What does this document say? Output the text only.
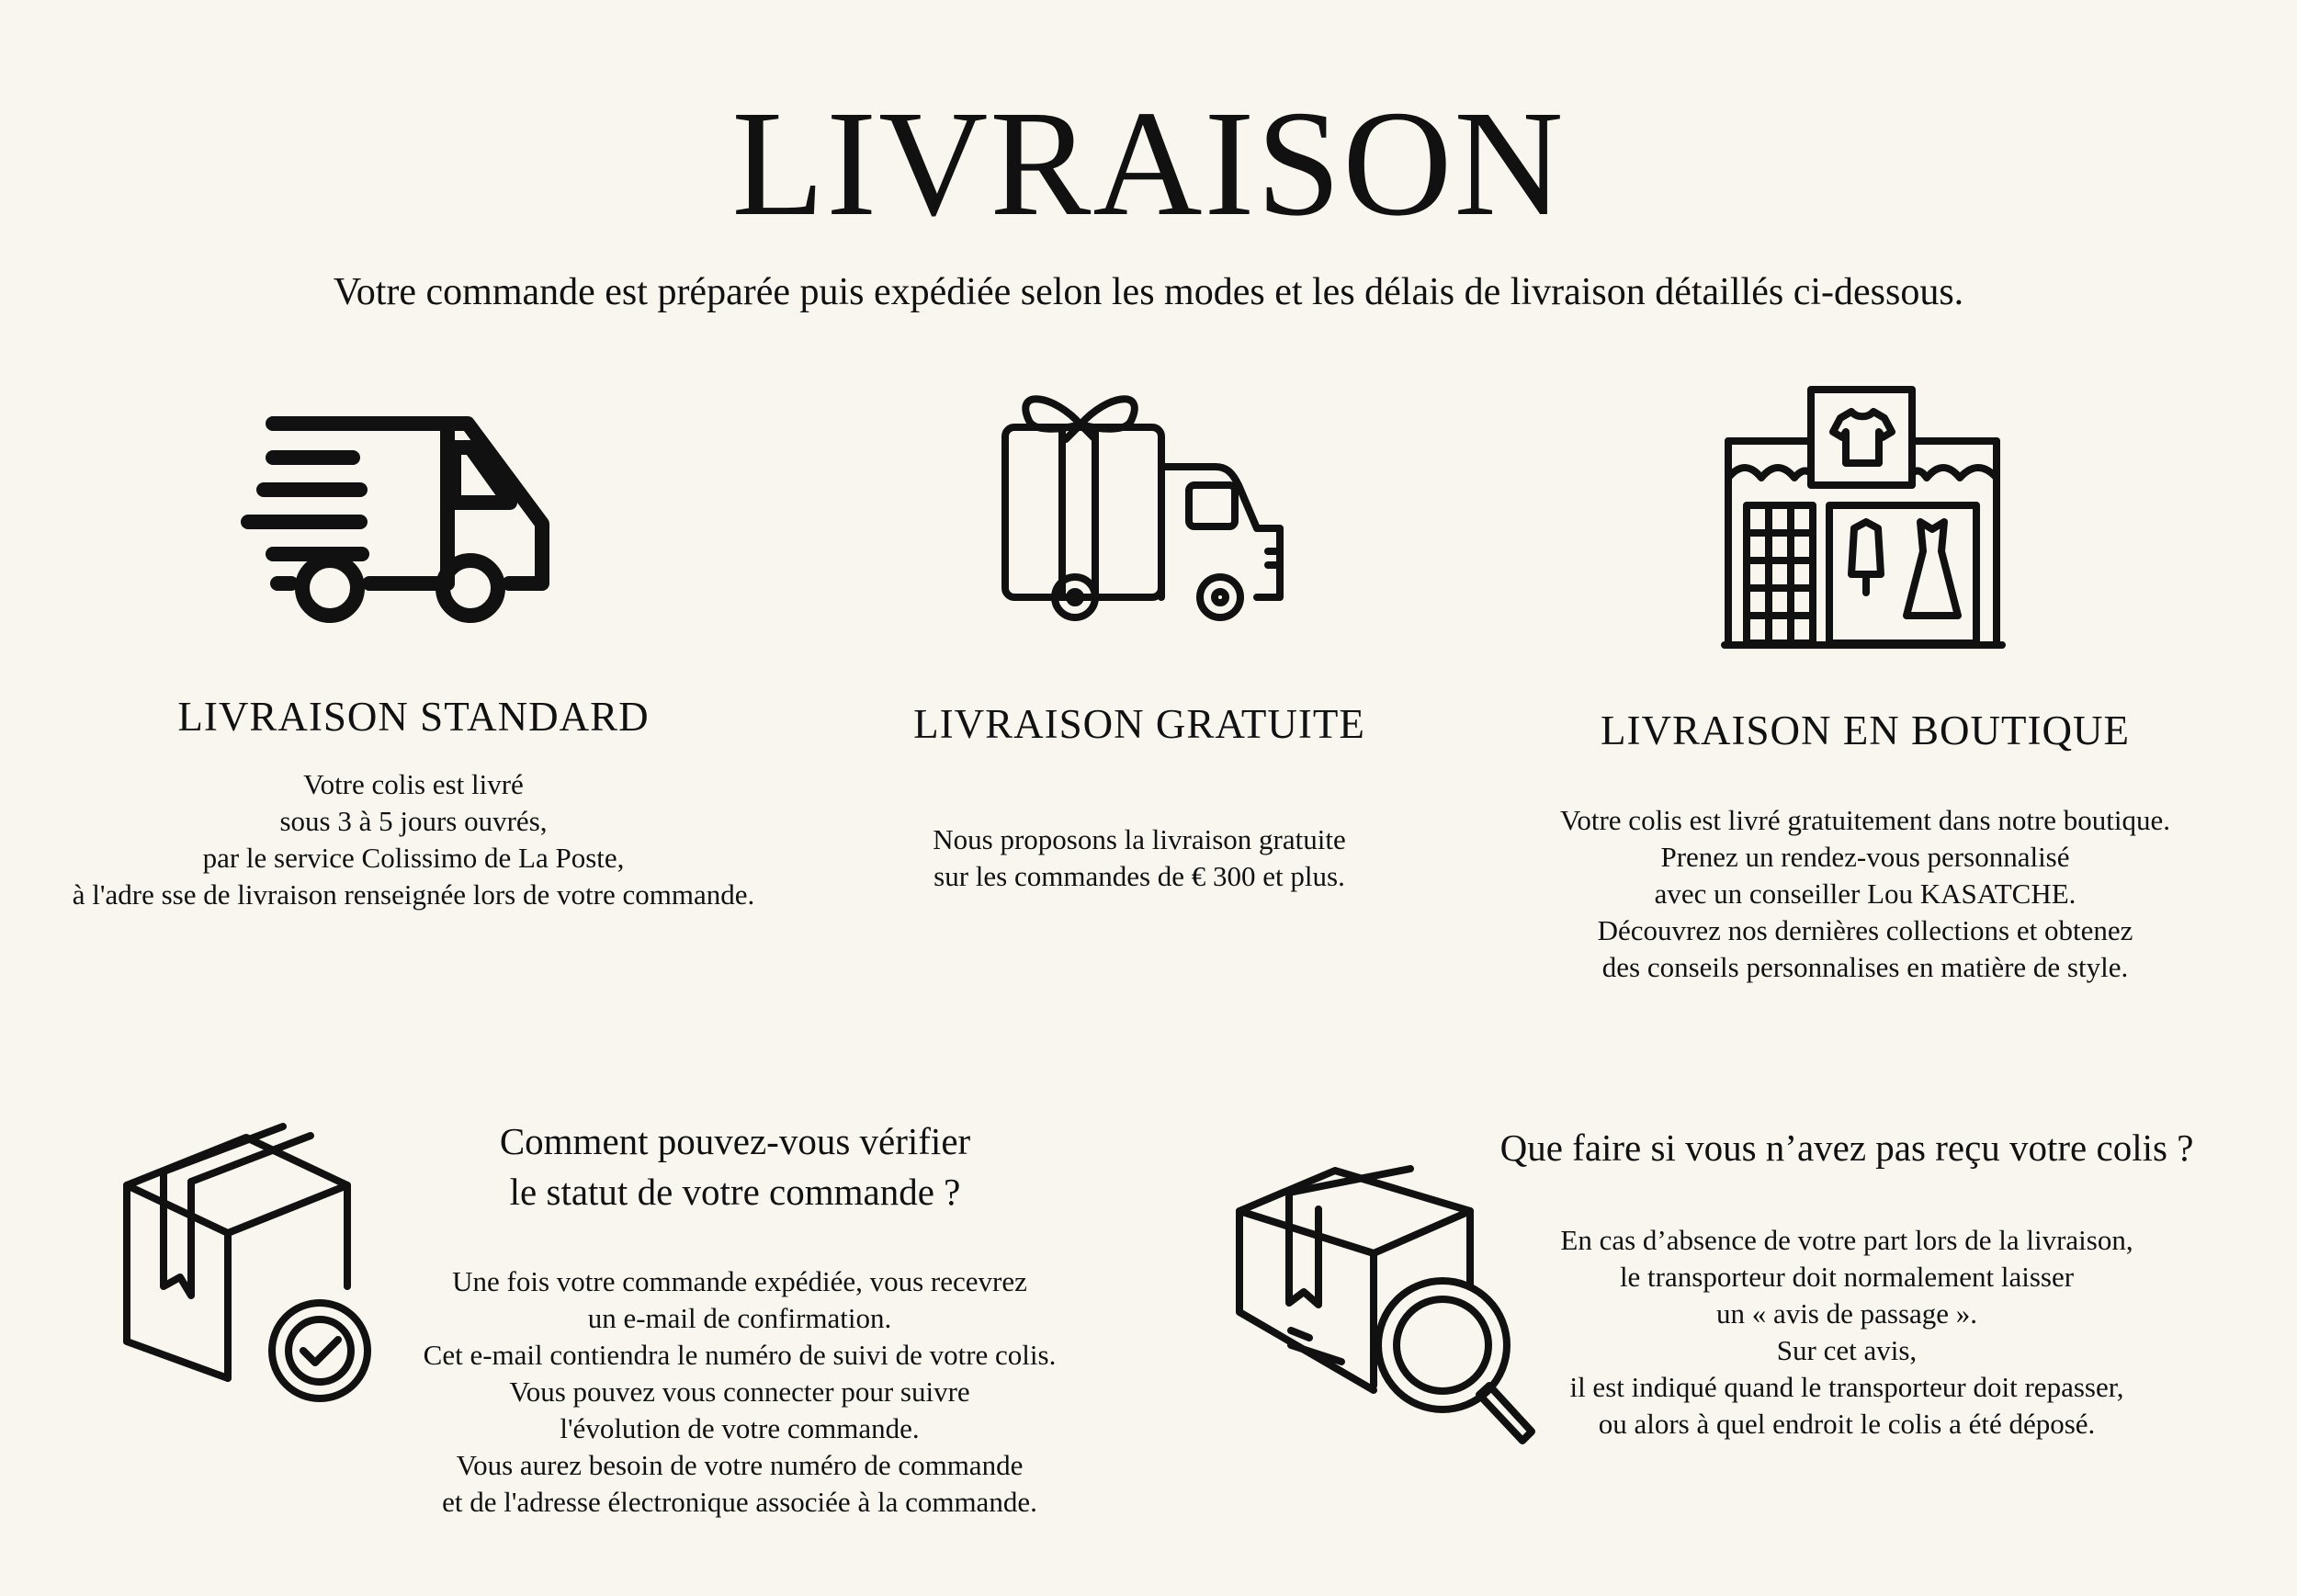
LIVRAISON
Votre commande est préparée puis expédiée selon les modes et les délais de livraison détaillés ci-dessous.
LIVRAISON STANDARD
Votre colis est livré
sous 3 à 5 jours ouvrés,
par le service Colissimo de La Poste,
à l'adre sse de livraison renseignée lors de votre commande.
LIVRAISON GRATUITE
Nous proposons la livraison gratuite
sur les commandes de € 300 et plus.
LIVRAISON EN BOUTIQUE
Votre colis est livré gratuitement dans notre boutique.
Prenez un rendez-vous personnalisé
avec un conseiller Lou KASATCHE.
Découvrez nos dernières collections et obtenez
des conseils personnalises en matière de style.
Comment pouvez-vous vérifier
le statut de votre commande ?
Une fois votre commande expédiée, vous recevrez
un e-mail de confirmation.
Cet e-mail contiendra le numéro de suivi de votre colis.
Vous pouvez vous connecter pour suivre
l'évolution de votre commande.
Vous aurez besoin de votre numéro de commande
et de l'adresse électronique associée à la commande.
Que faire si vous n’avez pas reçu votre colis ?
En cas d’absence de votre part lors de la livraison,
le transporteur doit normalement laisser
un « avis de passage ».
Sur cet avis,
il est indiqué quand le transporteur doit repasser,
ou alors à quel endroit le colis a été déposé.
